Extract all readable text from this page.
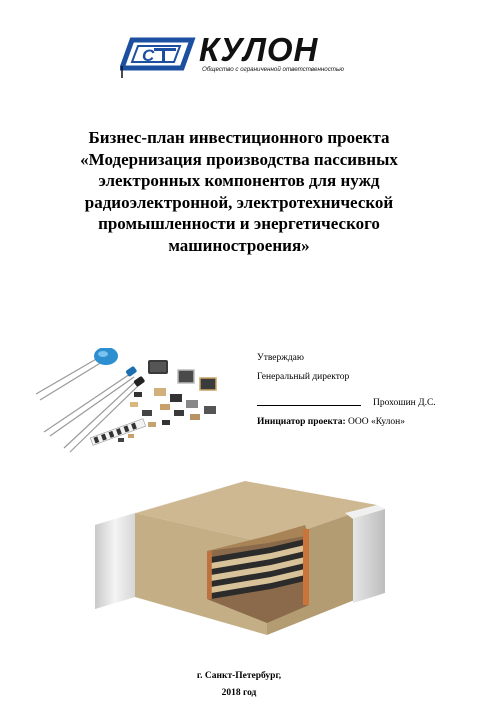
C КУЛОН
Общество с ограниченной ответственностью
Бизнес-план инвестиционного проекта
«Модернизация производства пассивных
электронных компонентов для нужд
радиоэлектронной, электротехнической
промышленности и энергетического
машиностроения»
Утверждаю
Генеральный директор
Прохошин Д.С.
Инициатор проекта: ООО «Кулон»
г. Санкт-Петербург,
2018 год
